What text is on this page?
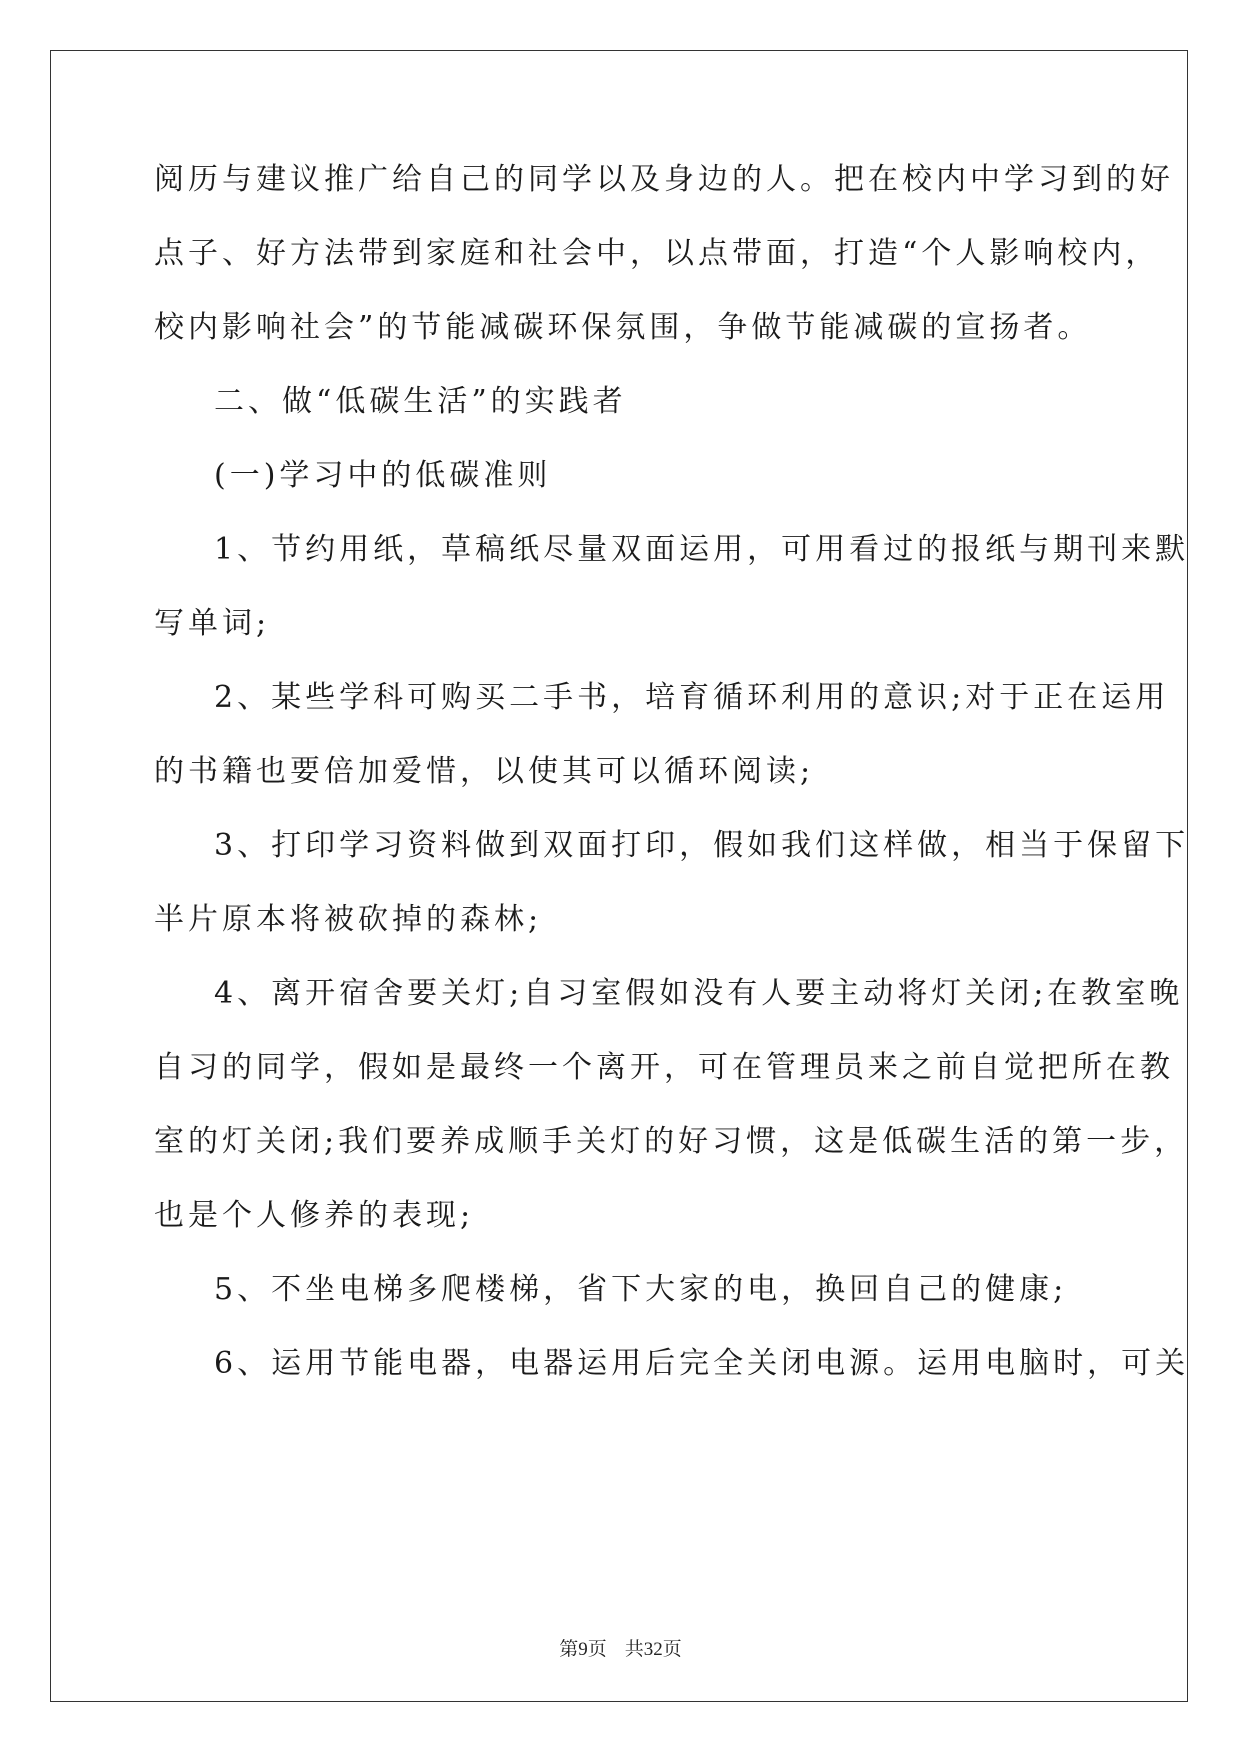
阅历与建议推广给自己的同学以及身边的人。把在校内中学习到的好
点子、好方法带到家庭和社会中，以点带面，打造“个人影响校内，
校内影响社会”的节能减碳环保氛围，争做节能减碳的宣扬者。
二、做“低碳生活”的实践者
(一)学习中的低碳准则
1、节约用纸，草稿纸尽量双面运用，可用看过的报纸与期刊来默
写单词;
2、某些学科可购买二手书，培育循环利用的意识;对于正在运用
的书籍也要倍加爱惜，以使其可以循环阅读;
3、打印学习资料做到双面打印，假如我们这样做，相当于保留下
半片原本将被砍掉的森林;
4、离开宿舍要关灯;自习室假如没有人要主动将灯关闭;在教室晚
自习的同学，假如是最终一个离开，可在管理员来之前自觉把所在教
室的灯关闭;我们要养成顺手关灯的好习惯，这是低碳生活的第一步，
也是个人修养的表现;
5、不坐电梯多爬楼梯，省下大家的电，换回自己的健康;
6、运用节能电器，电器运用后完全关闭电源。运用电脑时，可关
第9页 共32页
